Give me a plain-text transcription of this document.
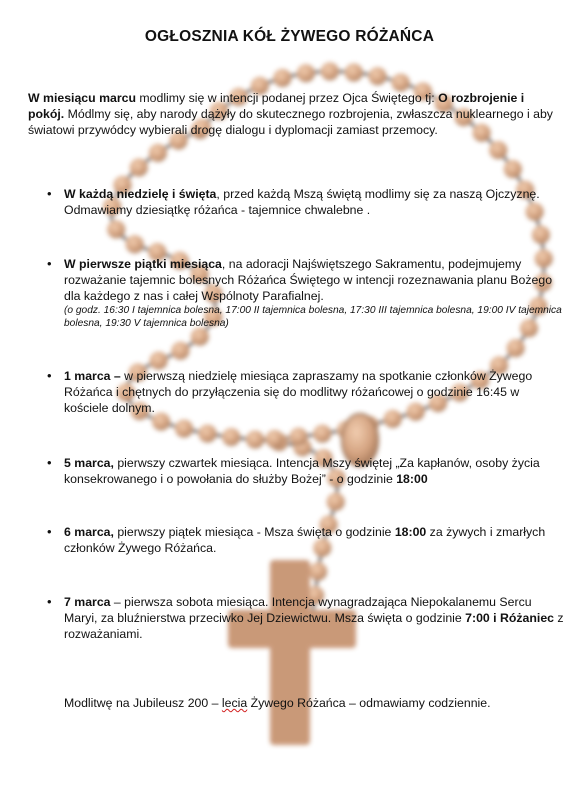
OGŁOSZNIA KÓŁ ŻYWEGO RÓŻAŃCA

W miesiącu marcu modlimy się w intencji podanej przez Ojca Świętego tj: O rozbrojenie i pokój. Módlmy się, aby narody dążyły do skutecznego rozbrojenia, zwłaszcza nuklearnego i aby światowi przywódcy wybierali drogę dialogu i dyplomacji zamiast przemocy.

• W każdą niedzielę i święta, przed każdą Mszą świętą modlimy się za naszą Ojczyznę. Odmawiamy dziesiątkę różańca - tajemnice chwalebne .
• W pierwsze piątki miesiąca, na adoracji Najświętszego Sakramentu, podejmujemy rozważanie tajemnic bolesnych Różańca Świętego w intencji rozeznawania planu Bożego dla każdego z nas i całej Wspólnoty Parafialnej.
(o godz. 16:30 I tajemnica bolesna, 17:00 II tajemnica bolesna, 17:30 III tajemnica bolesna, 19:00 IV tajemnica bolesna, 19:30 V tajemnica bolesna)
• 1 marca – w pierwszą niedzielę miesiąca zapraszamy na spotkanie członków Żywego Różańca i chętnych do przyłączenia się do modlitwy różańcowej o godzinie 16:45 w kościele dolnym.
• 5 marca, pierwszy czwartek miesiąca. Intencja Mszy świętej „Za kapłanów, osoby życia konsekrowanego i o powołania do służby Bożej” - o godzinie 18:00
• 6 marca, pierwszy piątek miesiąca - Msza święta o godzinie 18:00 za żywych i zmarłych członków Żywego Różańca.
• 7 marca – pierwsza sobota miesiąca. Intencja wynagradzająca Niepokalanemu Sercu Maryi, za bluźnierstwa przeciwko Jej Dziewictwu. Msza święta o godzinie 7:00 i Różaniec z rozważaniami.

Modlitwę na Jubileusz 200 – lecia Żywego Różańca – odmawiamy codziennie.
